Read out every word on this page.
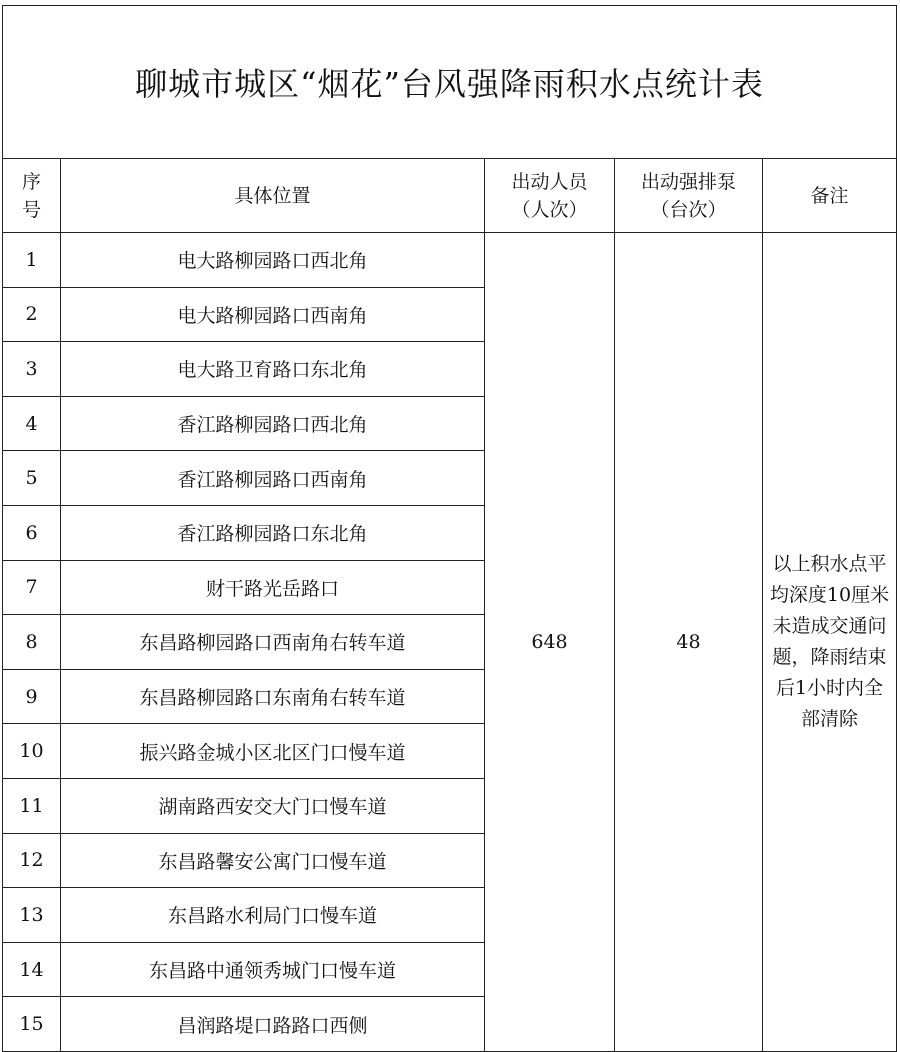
聊城市城区“烟花”台风强降雨积水点统计表				
序号	具体位置	出动人员（人次）	出动强排泵（台次）	备注
1	电大路柳园路口西北角	648	48	以上积水点平均深度10厘米未造成交通问题，降雨结束后1小时内全部清除
2	电大路柳园路口西南角			
3	电大路卫育路口东北角			
4	香江路柳园路口西北角			
5	香江路柳园路口西南角			
6	香江路柳园路口东北角			
7	财干路光岳路口			
8	东昌路柳园路口西南角右转车道			
9	东昌路柳园路口东南角右转车道			
10	振兴路金城小区北区门口慢车道			
11	湖南路西安交大门口慢车道			
12	东昌路馨安公寓门口慢车道			
13	东昌路水利局门口慢车道			
14	东昌路中通领秀城门口慢车道			
15	昌润路堤口路路口西侧			
